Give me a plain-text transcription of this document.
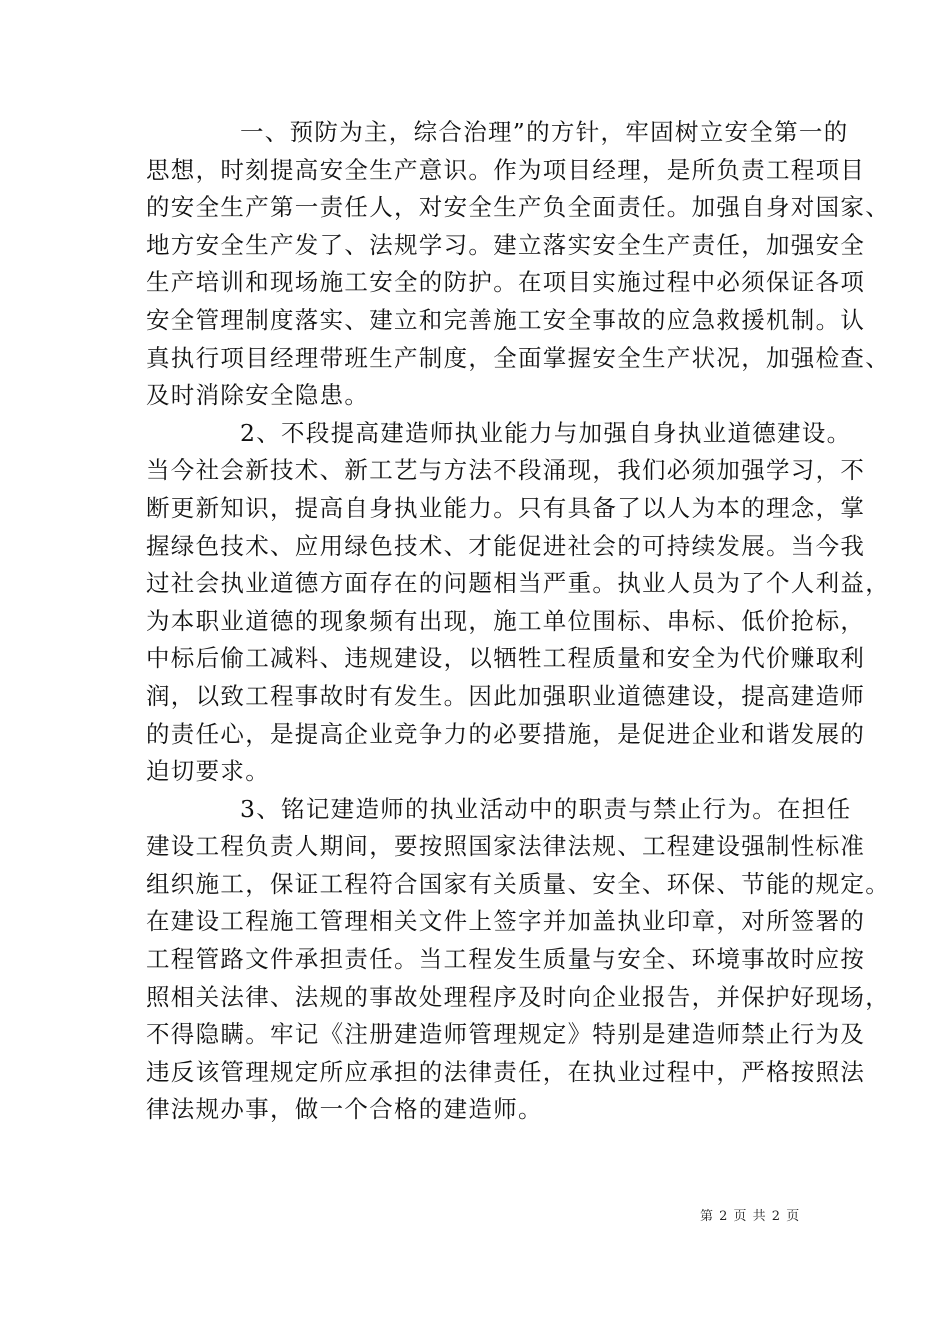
一、预防为主，综合治理”的方针，牢固树立安全第一的
思想，时刻提高安全生产意识。作为项目经理，是所负责工程项目
的安全生产第一责任人，对安全生产负全面责任。加强自身对国家、
地方安全生产发了、法规学习。建立落实安全生产责任，加强安全
生产培训和现场施工安全的防护。在项目实施过程中必须保证各项
安全管理制度落实、建立和完善施工安全事故的应急救援机制。认
真执行项目经理带班生产制度，全面掌握安全生产状况，加强检查、
及时消除安全隐患。

2、不段提高建造师执业能力与加强自身执业道德建设。
当今社会新技术、新工艺与方法不段涌现，我们必须加强学习，不
断更新知识，提高自身执业能力。只有具备了以人为本的理念，掌
握绿色技术、应用绿色技术、才能促进社会的可持续发展。当今我
过社会执业道德方面存在的问题相当严重。执业人员为了个人利益，
为本职业道德的现象频有出现，施工单位围标、串标、低价抢标，
中标后偷工减料、违规建设，以牺牲工程质量和安全为代价赚取利
润，以致工程事故时有发生。因此加强职业道德建设，提高建造师
的责任心，是提高企业竞争力的必要措施，是促进企业和谐发展的
迫切要求。

3、铭记建造师的执业活动中的职责与禁止行为。在担任
建设工程负责人期间，要按照国家法律法规、工程建设强制性标准
组织施工，保证工程符合国家有关质量、安全、环保、节能的规定。
在建设工程施工管理相关文件上签字并加盖执业印章，对所签署的
工程管路文件承担责任。当工程发生质量与安全、环境事故时应按
照相关法律、法规的事故处理程序及时向企业报告，并保护好现场，
不得隐瞒。牢记《注册建造师管理规定》特别是建造师禁止行为及
违反该管理规定所应承担的法律责任，在执业过程中，严格按照法
律法规办事，做一个合格的建造师。

第 2 页 共 2 页
